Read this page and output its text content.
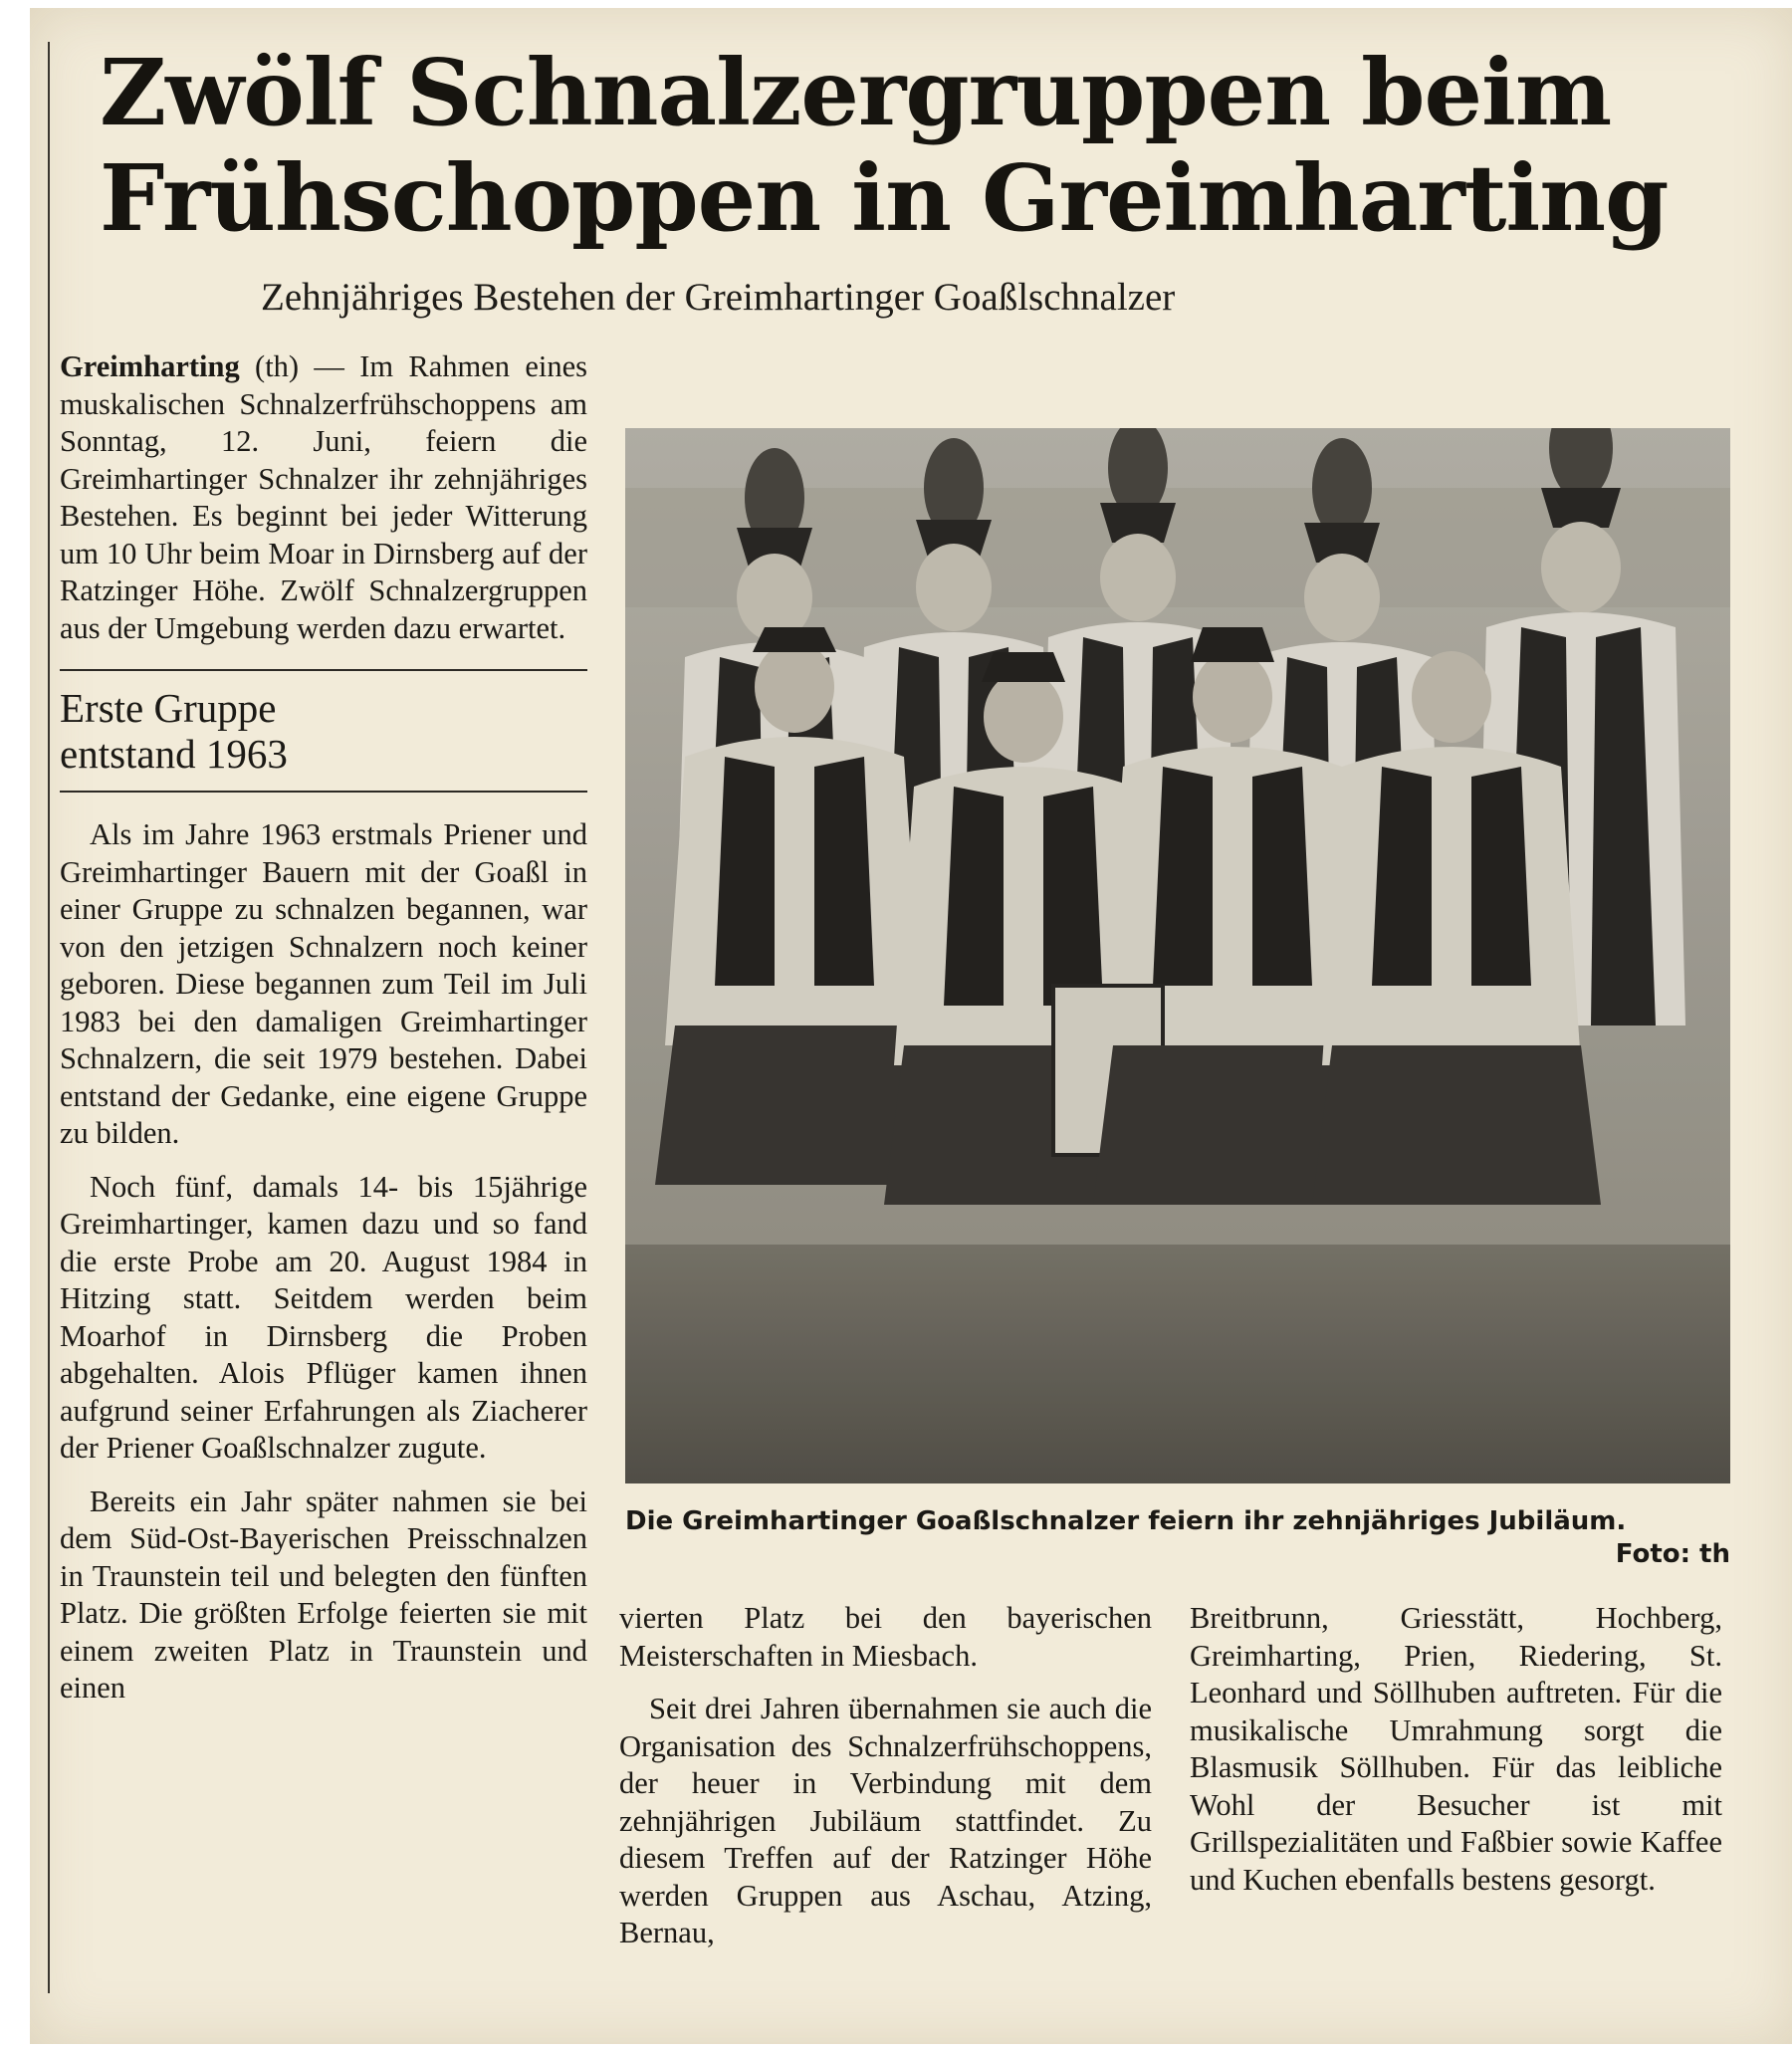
Zwölf Schnalzergruppen beim
Frühschoppen in Greimharting
Zehnjähriges Bestehen der Greimhartinger Goaßlschnalzer

Greimharting (th) — Im Rahmen eines muskalischen Schnalzerfrühschoppens am Sonntag, 12. Juni, feiern die Greimhartinger Schnalzer ihr zehnjähriges Bestehen. Es beginnt bei jeder Witterung um 10 Uhr beim Moar in Dirnsberg auf der Ratzinger Höhe. Zwölf Schnalzergruppen aus der Umgebung werden dazu erwartet.

Erste Gruppe
entstand 1963

Als im Jahre 1963 erstmals Priener und Greimhartinger Bauern mit der Goaßl in einer Gruppe zu schnalzen begannen, war von den jetzigen Schnalzern noch keiner geboren. Diese begannen zum Teil im Juli 1983 bei den damaligen Greimhartinger Schnalzern, die seit 1979 bestehen. Dabei entstand der Gedanke, eine eigene Gruppe zu bilden.

Noch fünf, damals 14- bis 15jährige Greimhartinger, kamen dazu und so fand die erste Probe am 20. August 1984 in Hitzing statt. Seitdem werden beim Moarhof in Dirnsberg die Proben abgehalten. Alois Pflüger kamen ihnen aufgrund seiner Erfahrungen als Ziacherer der Priener Goaßlschnalzer zugute.

Bereits ein Jahr später nahmen sie bei dem Süd-Ost-Bayerischen Preisschnalzen in Traunstein teil und belegten den fünften Platz. Die größten Erfolge feierten sie mit einem zweiten Platz in Traunstein und einen

Die Greimhartinger Goaßlschnalzer feiern ihr zehnjähriges Jubiläum.
Foto: th

vierten Platz bei den bayerischen Meisterschaften in Miesbach.

Seit drei Jahren übernahmen sie auch die Organisation des Schnalzerfrühschoppens, der heuer in Verbindung mit dem zehnjährigen Jubiläum stattfindet. Zu diesem Treffen auf der Ratzinger Höhe werden Gruppen aus Aschau, Atzing, Bernau,

Breitbrunn, Griesstätt, Hochberg, Greimharting, Prien, Riedering, St. Leonhard und Söllhuben auftreten. Für die musikalische Umrahmung sorgt die Blasmusik Söllhuben. Für das leibliche Wohl der Besucher ist mit Grillspezialitäten und Faßbier sowie Kaffee und Kuchen ebenfalls bestens gesorgt.
